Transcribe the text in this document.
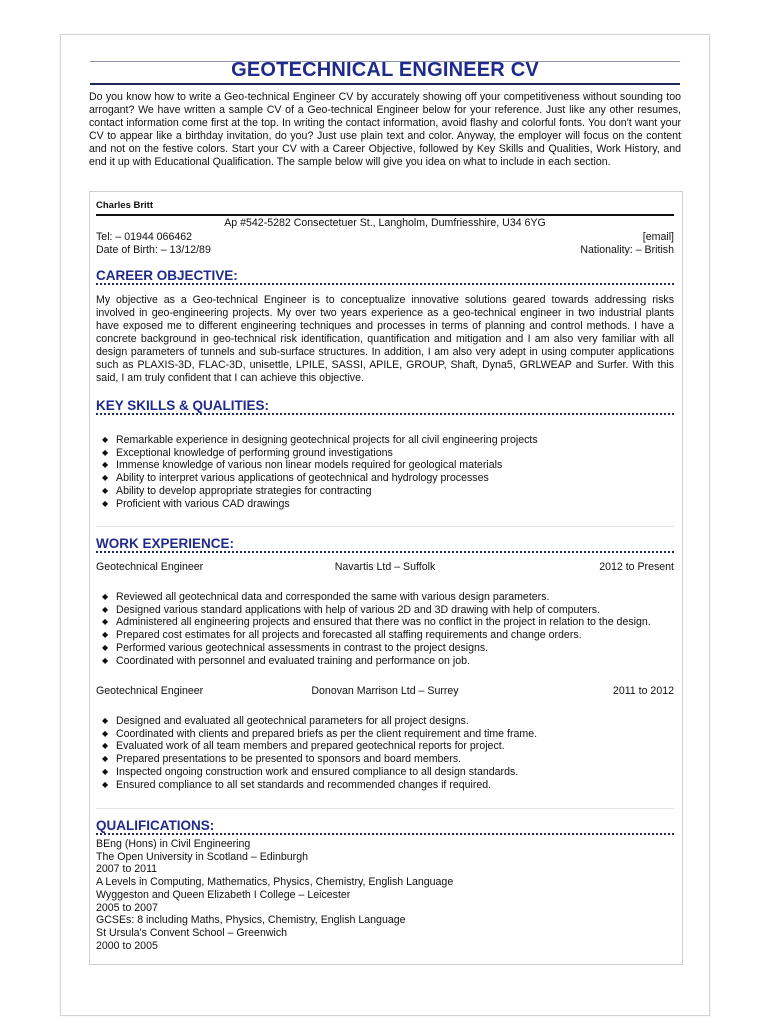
GEOTECHNICAL ENGINEER CV
Do you know how to write a Geo-technical Engineer CV by accurately showing off your competitiveness without sounding too arrogant? We have written a sample CV of a Geo-technical Engineer below for your reference. Just like any other resumes, contact information come first at the top. In writing the contact information, avoid flashy and colorful fonts. You don't want your CV to appear like a birthday invitation, do you? Just use plain text and color. Anyway, the employer will focus on the content and not on the festive colors. Start your CV with a Career Objective, followed by Key Skills and Qualities, Work History, and end it up with Educational Qualification. The sample below will give you idea on what to include in each section.
Charles Britt
Ap #542-5282 Consectetuer St., Langholm, Dumfriesshire, U34 6YG
Tel: – 01944 066462	[email]
Date of Birth: – 13/12/89	Nationality: – British
CAREER OBJECTIVE:
My objective as a Geo-technical Engineer is to conceptualize innovative solutions geared towards addressing risks involved in geo-engineering projects. My over two years experience as a geo-technical engineer in two industrial plants have exposed me to different engineering techniques and processes in terms of planning and control methods. I have a concrete background in geo-technical risk identification, quantification and mitigation and I am also very familiar with all design parameters of tunnels and sub-surface structures. In addition, I am also very adept in using computer applications such as PLAXIS-3D, FLAC-3D, unisettle, LPILE, SASSI, APILE, GROUP, Shaft, Dyna5, GRLWEAP and Surfer. With this said, I am truly confident that I can achieve this objective.
KEY SKILLS & QUALITIES:
◆ Remarkable experience in designing geotechnical projects for all civil engineering projects
◆ Exceptional knowledge of performing ground investigations
◆ Immense knowledge of various non linear models required for geological materials
◆ Ability to interpret various applications of geotechnical and hydrology processes
◆ Ability to develop appropriate strategies for contracting
◆ Proficient with various CAD drawings
WORK EXPERIENCE:
Geotechnical Engineer	Navartis Ltd – Suffolk	2012 to Present
◆ Reviewed all geotechnical data and corresponded the same with various design parameters.
◆ Designed various standard applications with help of various 2D and 3D drawing with help of computers.
◆ Administered all engineering projects and ensured that there was no conflict in the project in relation to the design.
◆ Prepared cost estimates for all projects and forecasted all staffing requirements and change orders.
◆ Performed various geotechnical assessments in contrast to the project designs.
◆ Coordinated with personnel and evaluated training and performance on job.
Geotechnical Engineer	Donovan Marrison Ltd – Surrey	2011 to 2012
◆ Designed and evaluated all geotechnical parameters for all project designs.
◆ Coordinated with clients and prepared briefs as per the client requirement and time frame.
◆ Evaluated work of all team members and prepared geotechnical reports for project.
◆ Prepared presentations to be presented to sponsors and board members.
◆ Inspected ongoing construction work and ensured compliance to all design standards.
◆ Ensured compliance to all set standards and recommended changes if required.
QUALIFICATIONS:
BEng (Hons) in Civil Engineering
The Open University in Scotland – Edinburgh
2007 to 2011
A Levels in Computing, Mathematics, Physics, Chemistry, English Language
Wyggeston and Queen Elizabeth I College – Leicester
2005 to 2007
GCSEs: 8 including Maths, Physics, Chemistry, English Language
St Ursula's Convent School – Greenwich
2000 to 2005
